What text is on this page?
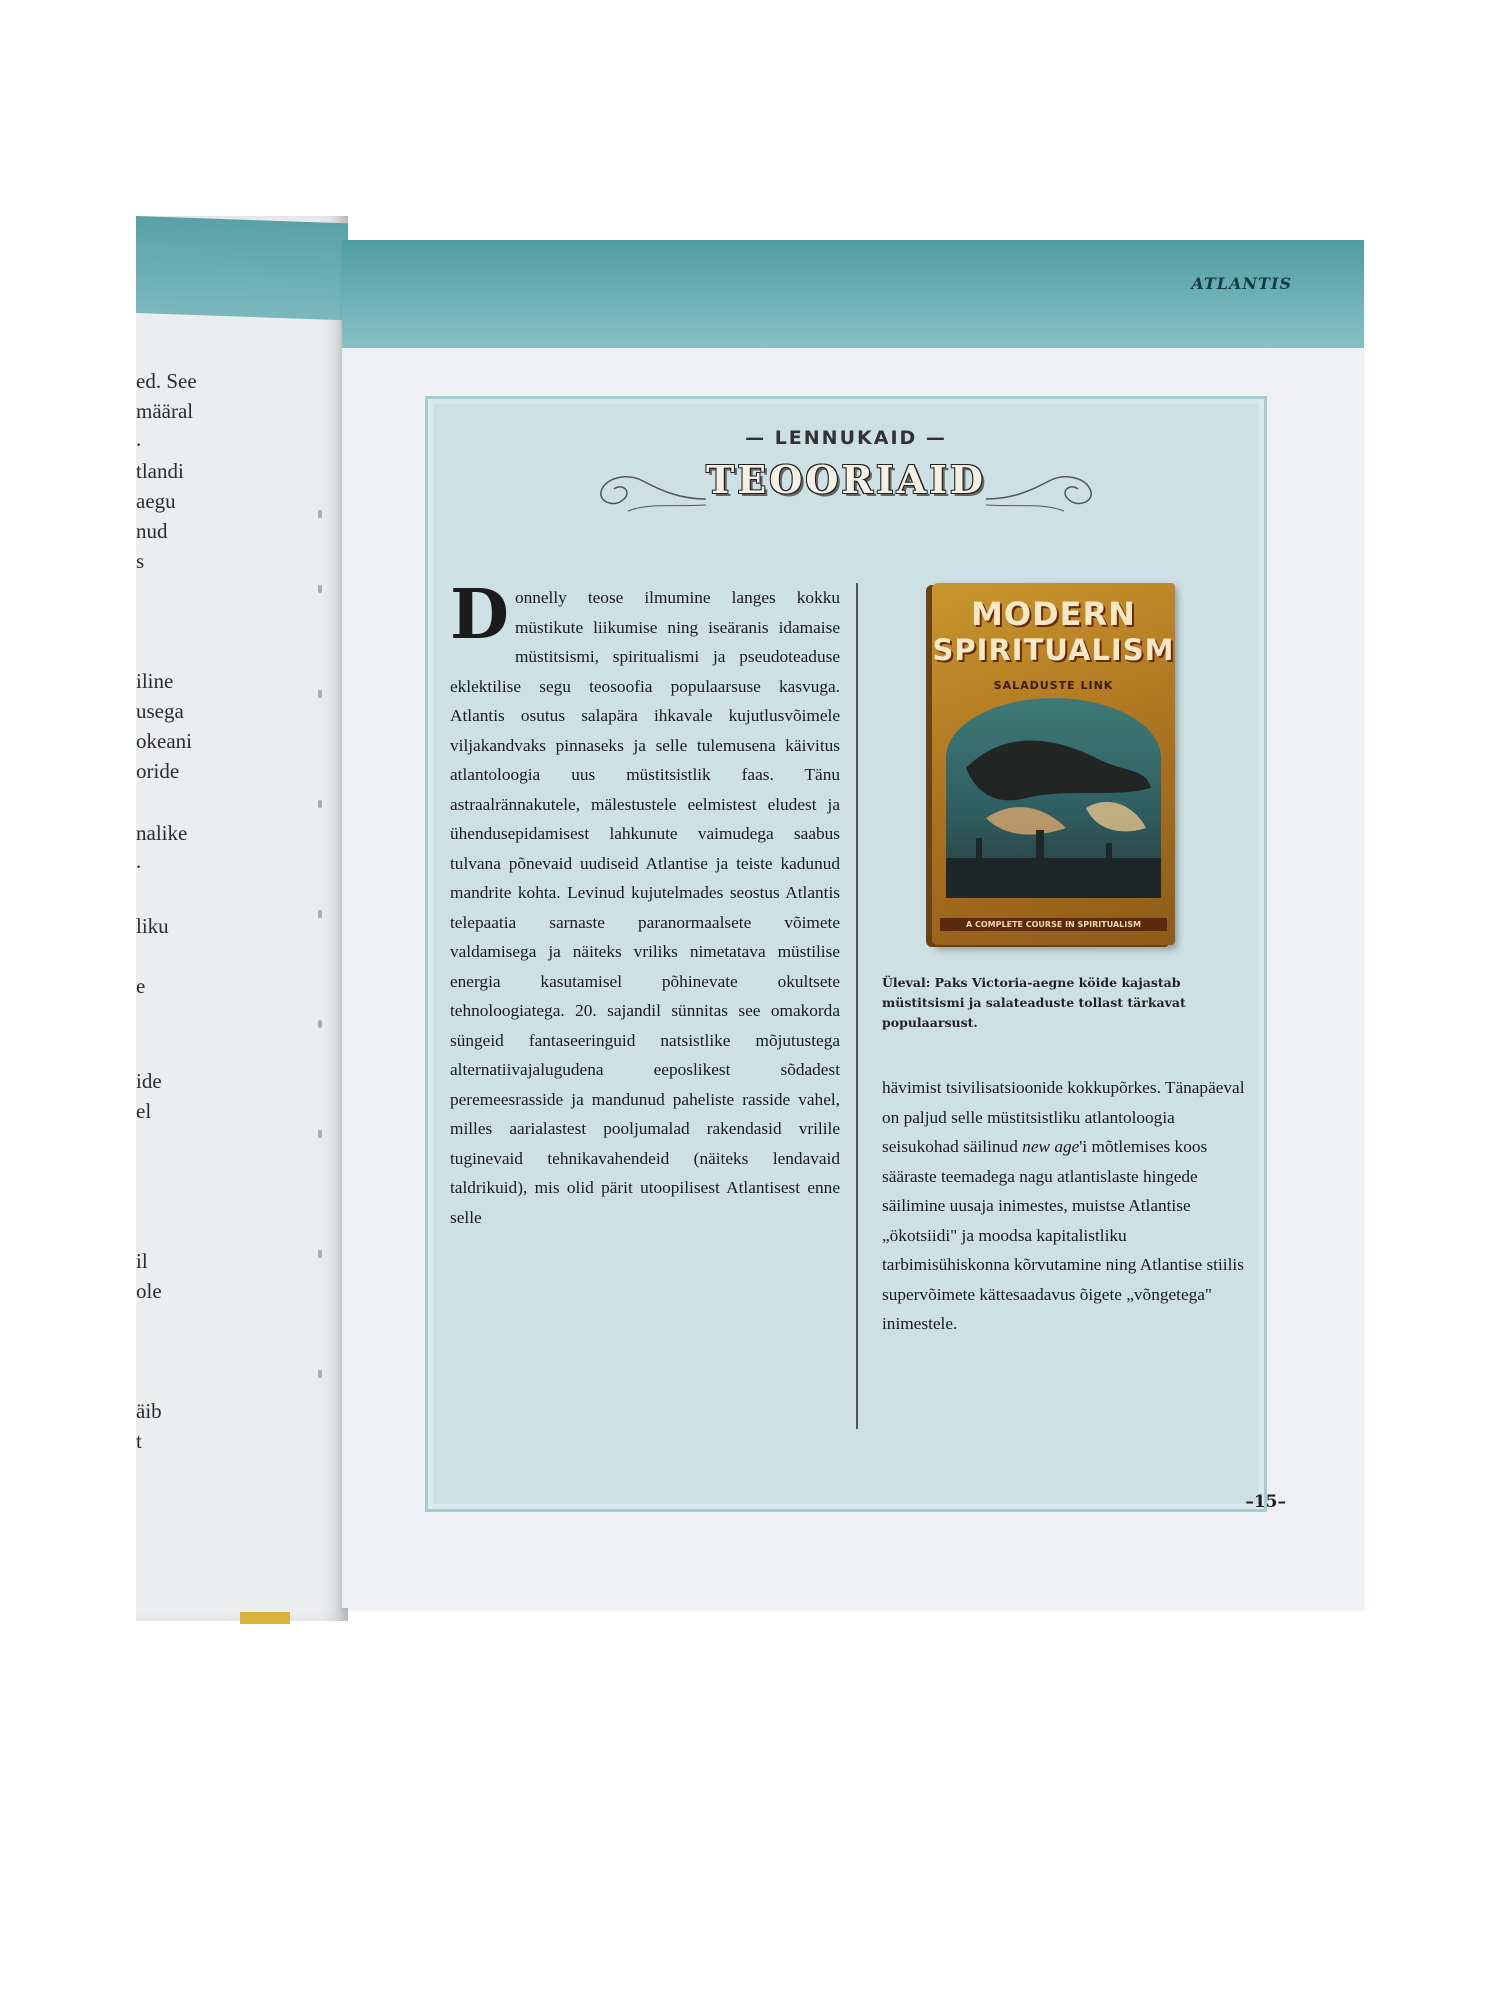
ed. See
määral
.
tlandi
aegu
nud
s
iline
usega
okeani
oride
nalike
.
liku
e
ide
el
il
ole
äib
t
ATLANTIS
— LENNUKAID —
TEOORIAID
Donnelly teose ilmumine langes kokku müstikute liikumise ning iseäranis idamaise müstitsismi, spiritualismi ja pseudoteaduse eklektilise segu teosoofia populaarsuse kasvuga. Atlantis osutus salapära ihkavale kujutlusvõimele viljakandvaks pinnaseks ja selle tulemusena käivitus atlantoloogia uus müstitsistlik faas. Tänu astraalrännakutele, mälestustele eelmistest eludest ja ühendusepidamisest lahkunute vaimudega saabus tulvana põnevaid uudiseid Atlantise ja teiste kadunud mandrite kohta. Levinud kujutelmades seostus Atlantis telepaatia sarnaste paranormaalsete võimete valdamisega ja näiteks vriliks nimetatava müstilise energia kasutamisel põhinevate okultsete tehnoloogiatega. 20. sajandil sünnitas see omakorda süngeid fantaseeringuid natsistlike mõjutustega alternatiivajalugudena eeposlikest sõdadest peremeesrasside ja mandunud paheliste rasside vahel, milles aarialastest pooljumalad rakendasid vrilile tuginevaid tehnikavahendeid (näiteks lendavaid taldrikuid), mis olid pärit utoopilisest Atlantisest enne selle
MODERN
SPIRITUALISM
SALADUSTE LINK
A COMPLETE COURSE IN SPIRITUALISM
Üleval: Paks Victoria-aegne köide kajastab müstitsismi ja salateaduste tollast tärkavat populaarsust.
hävimist tsivilisatsioonide kokkupõrkes. Tänapäeval on paljud selle müstitsistliku atlantoloogia seisukohad säilinud new age'i mõtlemises koos sääraste teemadega nagu atlantislaste hingede säilimine uusaja inimestes, muistse Atlantise „ökotsiidi" ja moodsa kapitalistliku tarbimisühiskonna kõrvutamine ning Atlantise stiilis supervõimete kättesaadavus õigete „võngetega" inimestele.
–15–
